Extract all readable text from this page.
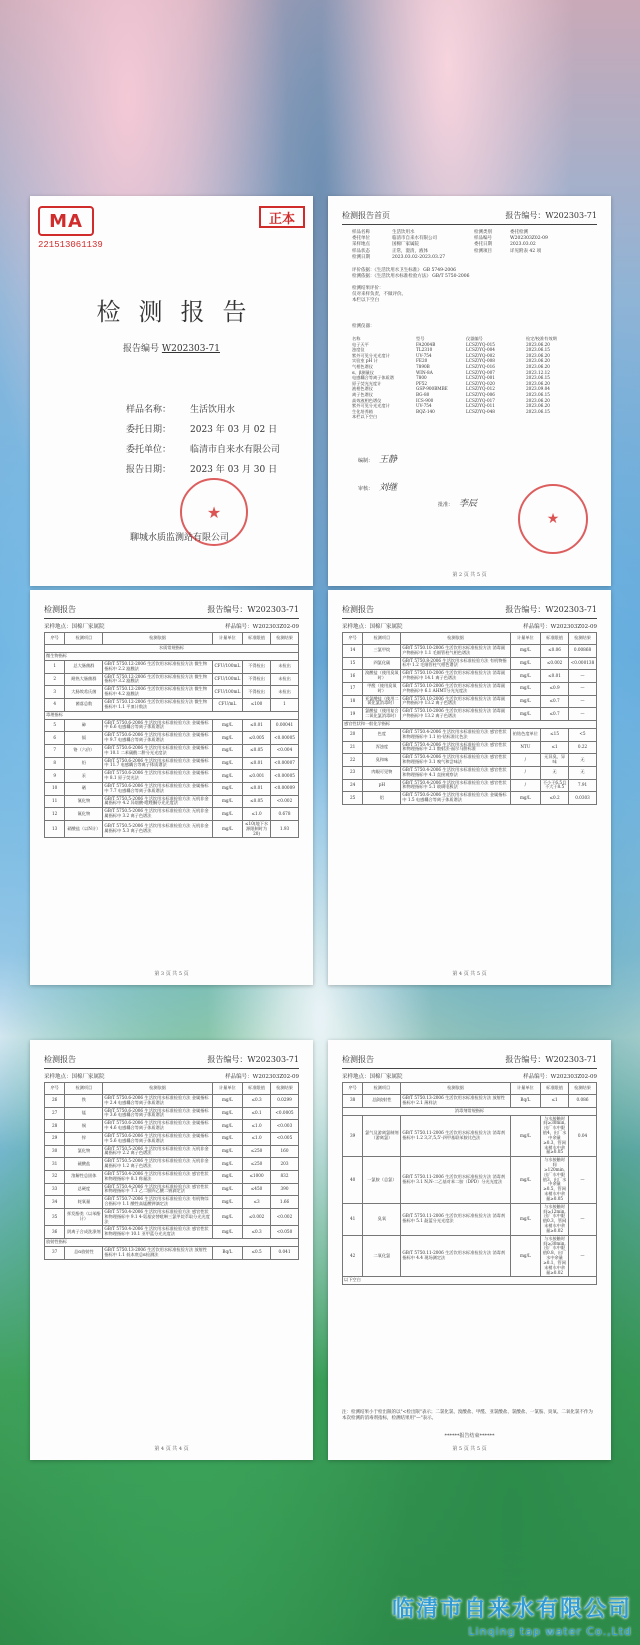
MA
221513061139
正本
检测报告
报告编号 W202303-71
样品名称：	生活饮用水
委托日期：	2023 年 03 月 02 日
委托单位：	临清市自来水有限公司
报告日期：	2023 年 03 月 30 日
★
聊城水质监测站有限公司
检测报告首页	报告编号：W202303-71
样品名称	生活饮用水	检测类别	委托检测
委托单位	临清市自来水有限公司	样品编号	W202303Z02-09
采样地点	国棉厂家属院	委托日期	2023.03.02
样品状态	正常，澄清，液体	检测项目	详见附表 42 项
检测日期	2023.03.02-2023.03.27
评价依据：《生活饮用水卫生标准》 GB 5749-2006
检测依据：《生活饮用水标准检验方法》 GB/T 5750-2006
检测结果评价：
仅对来样负责，不做评价。
本栏以下空白
检测仪器：
名称	型号	仪器编号	检定/校准有效期
电子天平	FA2004B	LCSZ/YQ-015	2023.06.20
浊度仪	TL2310	LCSZ/YQ-004	2023.06.15
紫外可见分光光度计	UV-754	LCSZ/YQ-002	2023.06.20
实验室 pH 计	FE20	LCSZ/YQ-008	2023.06.20
气相色谱仪	7890B	LCSZ/YQ-016	2023.06.20
α、β测量仪	WIN-8A	LCSZ/YQ-007	2023.12.12
电感耦合等离子体质谱	7800	LCSZ/YQ-001	2023.06.15
原子荧光光度计	PF52	LCSZ/YQ-020	2023.06.20
液相色谱仪	GSP-900BMBE	LCSZ/YQ-012	2023.09.04
离子色谱仪	BG-80	LCSZ/YQ-006	2023.06.15
高效液相色谱仪	ICS-900	LCSZ/YQ-017	2023.06.20
紫外可见分光光度计	UV-754	LCSZ/YQ-011	2023.06.20
生化培养箱	BQZ-140	LCSZ/YQ-048	2023.06.15
本栏以下空白
编制： 王静
审核： 刘继
批准： 李辰
★
第 2 页 共 5 页
检测报告	报告编号：W202303-71
采样地点：国棉厂家属院	样品编号：W202303Z02-09
序号	检测项目	检测依据	计量单位	标准限值	检测结果
水质常规指标					
微生物指标					
1	总大肠菌群	GB/T 5750.12-2006 生活饮用水标准检验方法 微生物指标中 2.2 滤膜法	CFU/100mL	不得检出	未检出
2	耐热大肠菌群	GB/T 5750.12-2006 生活饮用水标准检验方法 微生物指标中 3.2 滤膜法	CFU/100mL	不得检出	未检出
3	大肠埃希氏菌	GB/T 5750.12-2006 生活饮用水标准检验方法 微生物指标中 4.2 滤膜法	CFU/100mL	不得检出	未检出
4	菌落总数	GB/T 5750.12-2006 生活饮用水标准检验方法 微生物指标中 1.1 平皿计数法	CFU/mL	≤100	1
毒理指标					
5	砷	GB/T 5750.6-2006 生活饮用水标准检验方法 金属指标中 6.6 电感耦合等离子体质谱法	mg/L	≤0.01	0.00041
6	镉	GB/T 5750.6-2006 生活饮用水标准检验方法 金属指标中 9.7 电感耦合等离子体质谱法	mg/L	≤0.005	<0.00005
7	铬（六价）	GB/T 5750.6-2006 生活饮用水标准检验方法 金属指标中 10.1 二苯碳酰二肼分光光度法	mg/L	≤0.05	<0.004
8	铅	GB/T 5750.6-2006 生活饮用水标准检验方法 金属指标中 11.7 电感耦合等离子体质谱法	mg/L	≤0.01	<0.00007
9	汞	GB/T 5750.6-2006 生活饮用水标准检验方法 金属指标中 8.1 原子荧光法	mg/L	≤0.001	<0.00005
10	硒	GB/T 5750.6-2006 生活饮用水标准检验方法 金属指标中 7.7 电感耦合等离子体质谱法	mg/L	≤0.01	<0.00009
11	氰化物	GB/T 5750.5-2006 生活饮用水标准检验方法 无机非金属指标中 4.2 异烟酸-吡唑酮分光光度法	mg/L	≤0.05	<0.002
12	氟化物	GB/T 5750.5-2006 生活饮用水标准检验方法 无机非金属指标中 3.2 离子色谱法	mg/L	≤1.0	0.678
13	硝酸盐（以N计）	GB/T 5750.5-2006 生活饮用水标准检验方法 无机非金属指标中 5.3 离子色谱法	mg/L	≤10(地下水源限制时为20)	1.93
第 3 页 共 5 页
检测报告	报告编号：W202303-71
采样地点：国棉厂家属院	样品编号：W202303Z02-09
序号	检测项目	检测依据	计量单位	标准限值	检测结果
14	三氯甲烷	GB/T 5750.10-2006 生活饮用水标准检验方法 消毒副产物指标中 1.1 毛细管柱气相色谱法	mg/L	≤0.06	0.00868
15	四氯化碳	GB/T 5750.8-2006 生活饮用水标准检验方法 有机物指标中 1.2 毛细管柱气相色谱法	mg/L	≤0.002	<0.000138
16	溴酸盐（使用臭氧时）	GB/T 5750.10-2006 生活饮用水标准检验方法 消毒副产物指标中 14.1 离子色谱法	mg/L	≤0.01	—
17	甲醛（使用臭氧时）	GB/T 5750.10-2006 生活饮用水标准检验方法 消毒副产物指标中 6.1 AHMT分光光度法	mg/L	≤0.9	—
18	亚氯酸盐（使用二氧化氯消毒时）	GB/T 5750.10-2006 生活饮用水标准检验方法 消毒副产物指标中 13.2 离子色谱法	mg/L	≤0.7	—
19	氯酸盐（使用复合二氧化氯消毒时）	GB/T 5750.10-2006 生活饮用水标准检验方法 消毒副产物指标中 13.2 离子色谱法	mg/L	≤0.7	—
感官性状和一般化学指标					
20	色度	GB/T 5750.4-2006 生活饮用水标准检验方法 感官性状和物理指标中 1.1 铂-钴标准比色法	铂钴色度单位	≤15	<5
21	浑浊度	GB/T 5750.4-2006 生活饮用水标准检验方法 感官性状和物理指标中 2.1 散射法-福尔马肼标准	NTU	≤1	0.22
22	臭和味	GB/T 5750.4-2006 生活饮用水标准检验方法 感官性状和物理指标中 3.1 嗅气和尝味法	/	无异臭、异味	无
23	肉眼可见物	GB/T 5750.4-2006 生活饮用水标准检验方法 感官性状和物理指标中 4.1 直接观察法	/	无	无
24	pH	GB/T 5750.4-2006 生活饮用水标准检验方法 感官性状和物理指标中 5.1 玻璃电极法	/	不小于6.5且不大于8.5	7.91
25	铝	GB/T 5750.6-2006 生活饮用水标准检验方法 金属指标中 1.5 电感耦合等离子体质谱法	mg/L	≤0.2	0.0303
第 4 页 共 5 页
检测报告	报告编号：W202303-71
采样地点：国棉厂家属院	样品编号：W202303Z02-09
序号	检测项目	检测依据	计量单位	标准限值	检测结果
26	铁	GB/T 5750.6-2006 生活饮用水标准检验方法 金属指标中 2.4 电感耦合等离子体质谱法	mg/L	≤0.3	0.0299
27	锰	GB/T 5750.6-2006 生活饮用水标准检验方法 金属指标中 3.6 电感耦合等离子体质谱法	mg/L	≤0.1	<0.0005
28	铜	GB/T 5750.6-2006 生活饮用水标准检验方法 金属指标中 4.6 电感耦合等离子体质谱法	mg/L	≤1.0	<0.003
29	锌	GB/T 5750.6-2006 生活饮用水标准检验方法 金属指标中 5.6 电感耦合等离子体质谱法	mg/L	≤1.0	<0.005
30	氯化物	GB/T 5750.5-2006 生活饮用水标准检验方法 无机非金属指标中 2.2 离子色谱法	mg/L	≤250	160
31	硫酸盐	GB/T 5750.5-2006 生活饮用水标准检验方法 无机非金属指标中 1.2 离子色谱法	mg/L	≤250	203
32	溶解性总固体	GB/T 5750.4-2006 生活饮用水标准检验方法 感官性状和物理指标中 8.1 称量法	mg/L	≤1000	832
33	总硬度	GB/T 5750.4-2006 生活饮用水标准检验方法 感官性状和物理指标中 7.1 乙二胺四乙酸二钠滴定法	mg/L	≤450	390
34	耗氧量	GB/T 5750.7-2006 生活饮用水标准检验方法 有机物综合指标中 1.1 酸性高锰酸钾滴定法	mg/L	≤3	1.66
35	挥发酚类（以苯酚计）	GB/T 5750.4-2006 生活饮用水标准检验方法 感官性状和物理指标中 9.1 4-氨基安替吡啉三氯甲烷萃取分光光度法	mg/L	≤0.002	<0.002
36	阴离子合成洗涤剂	GB/T 5750.4-2006 生活饮用水标准检验方法 感官性状和物理指标中 10.1 亚甲蓝分光光度法	mg/L	≤0.3	<0.050
放射性指标					
37	总α放射性	GB/T 5750.13-2006 生活饮用水标准检验方法 放射性指标中 1.1 低本底总α检测法	Bq/L	≤0.5	0.041
第 4 页 共 4 页
注：检测结果小于检出限的以"<检出限"表示；二氯化氯、溴酸盐、甲醛、亚氯酸盐、氯酸盐、一氯胺、臭氧、二氧化氯不作为本次检测的消毒剂指标，检测结果用"—"表示。
******报告结束******
检测报告	报告编号：W202303-71
采样地点：国棉厂家属院	样品编号：W202303Z02-09
序号	检测项目	检测依据	计量单位	标准限值	检测结果
38	总β放射性	GB/T 5750.13-2006 生活饮用水标准检验方法 放射性指标中 2.1 薄样法	Bq/L	≤1	0.086
消毒剂常规指标					
39	氯气及游离氯制剂（游离氯）	GB/T 5750.11-2006 生活饮用水标准检验方法 消毒剂指标中 1.2 3,3',5,5'-四甲基联苯胺比色法	mg/L	与水接触时间≥30min,出厂水中限值4，出厂水中余量≥0.3，管网末梢水中余量≥0.05	0.04
40	一氯胺（总氯）	GB/T 5750.11-2006 生活饮用水标准检验方法 消毒剂指标中 3.1 N,N-二乙基对苯二胺（DPD）分光光度法	mg/L	与水接触时间≥120min,出厂水中限值3，出厂水中余量≥0.5，管网末梢水中余量≥0.05	—
41	臭氧	GB/T 5750.11-2006 生活饮用水标准检验方法 消毒剂指标中 5.1 靛蓝分光光度法	mg/L	与水接触时间≥12min,出厂水中限值0.3，管网末梢水中余量≥0.02	—
42	二氧化氯	GB/T 5750.11-2006 生活饮用水标准检验方法 消毒剂指标中 4.4 现场测定法	mg/L	与水接触时间≥30min,出厂水中限值0.8，出厂水中余量≥0.1，管网末梢水中余量≥0.02	—
以下空白					
第 5 页 共 5 页
临清市自来水有限公司
Linqing tap water Co.,Ltd
